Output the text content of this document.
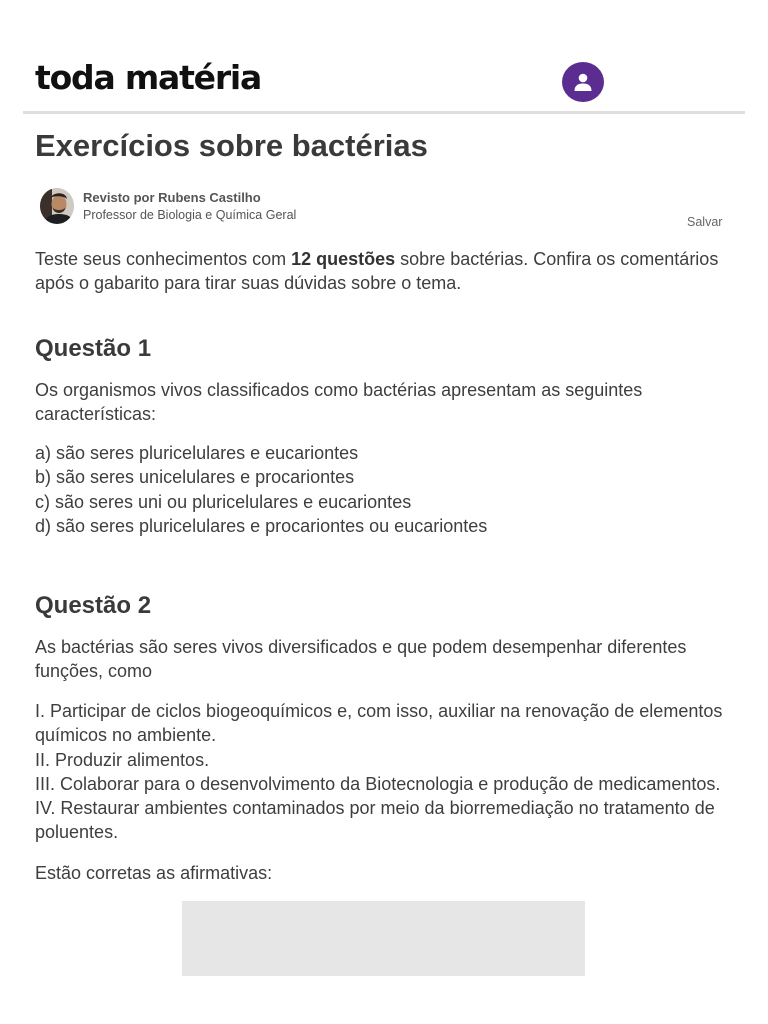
toda matéria
Exercícios sobre bactérias
Revisto por Rubens Castilho
Professor de Biologia e Química Geral	Salvar

Teste seus conhecimentos com 12 questões sobre bactérias. Confira os comentários após o gabarito para tirar suas dúvidas sobre o tema.

Questão 1

Os organismos vivos classificados como bactérias apresentam as seguintes características:

a) são seres pluricelulares e eucariontes
b) são seres unicelulares e procariontes
c) são seres uni ou pluricelulares e eucariontes
d) são seres pluricelulares e procariontes ou eucariontes
Questão 2

As bactérias são seres vivos diversificados e que podem desempenhar diferentes funções, como

I. Participar de ciclos biogeoquímicos e, com isso, auxiliar na renovação de elementos químicos no ambiente.
II. Produzir alimentos.
III. Colaborar para o desenvolvimento da Biotecnologia e produção de medicamentos.
IV. Restaurar ambientes contaminados por meio da biorremediação no tratamento de poluentes.

Estão corretas as afirmativas:
